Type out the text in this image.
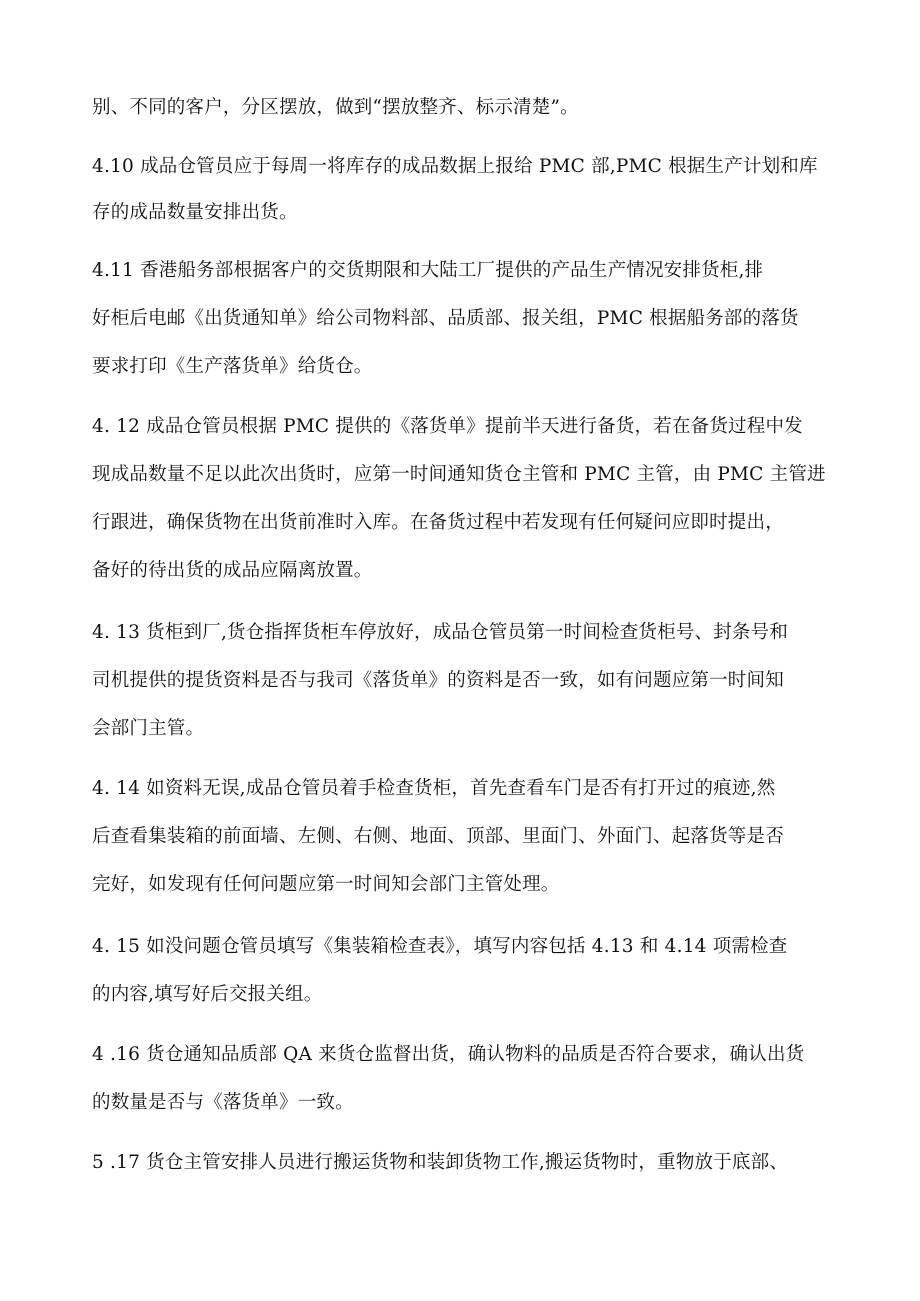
别、不同的客户，分区摆放，做到“摆放整齐、标示清楚”。
4.10 成品仓管员应于每周一将库存的成品数据上报给 PMC 部,PMC 根据生产计划和库
存的成品数量安排出货。
4.11 香港船务部根据客户的交货期限和大陆工厂提供的产品生产情况安排货柜,排
好柜后电邮《出货通知单》给公司物料部、品质部、报关组，PMC 根据船务部的落货
要求打印《生产落货单》给货仓。
4. 12 成品仓管员根据 PMC 提供的《落货单》提前半天进行备货，若在备货过程中发
现成品数量不足以此次出货时，应第一时间通知货仓主管和 PMC 主管，由 PMC 主管进
行跟进，确保货物在出货前准时入库。在备货过程中若发现有任何疑问应即时提出，
备好的待出货的成品应隔离放置。
4. 13 货柜到厂,货仓指挥货柜车停放好，成品仓管员第一时间检查货柜号、封条号和
司机提供的提货资料是否与我司《落货单》的资料是否一致，如有问题应第一时间知
会部门主管。
4. 14 如资料无误,成品仓管员着手检查货柜，首先查看车门是否有打开过的痕迹,然
后查看集装箱的前面墙、左侧、右侧、地面、顶部、里面门、外面门、起落货等是否
完好，如发现有任何问题应第一时间知会部门主管处理。
4. 15 如没问题仓管员填写《集装箱检查表》，填写内容包括 4.13 和 4.14 项需检查
的内容,填写好后交报关组。
4 .16 货仓通知品质部 QA 来货仓监督出货，确认物料的品质是否符合要求，确认出货
的数量是否与《落货单》一致。
5 .17 货仓主管安排人员进行搬运货物和装卸货物工作,搬运货物时，重物放于底部、
